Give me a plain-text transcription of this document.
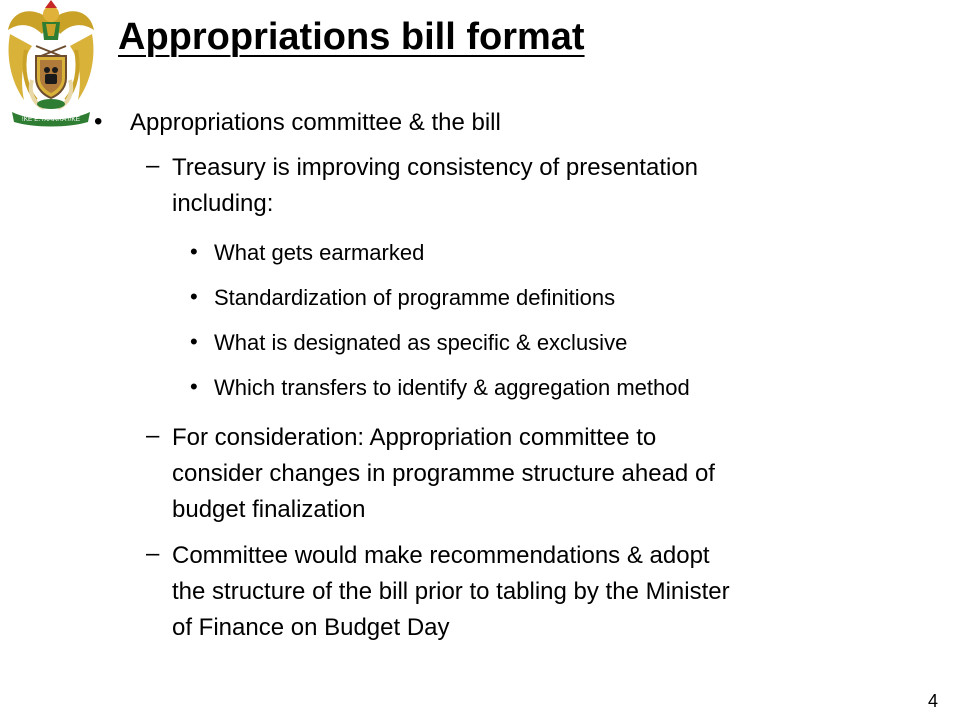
!KE E: /XARRA //KE
Appropriations bill format
• Appropriations committee & the bill
– Treasury is improving consistency of presentation
including:
• What gets earmarked
• Standardization of programme definitions
• What is designated as specific & exclusive
• Which transfers to identify & aggregation method
– For consideration: Appropriation committee to
consider changes in programme structure ahead of
budget finalization
– Committee would make recommendations & adopt
the structure of the bill prior to tabling by the Minister
of Finance on Budget Day
4
